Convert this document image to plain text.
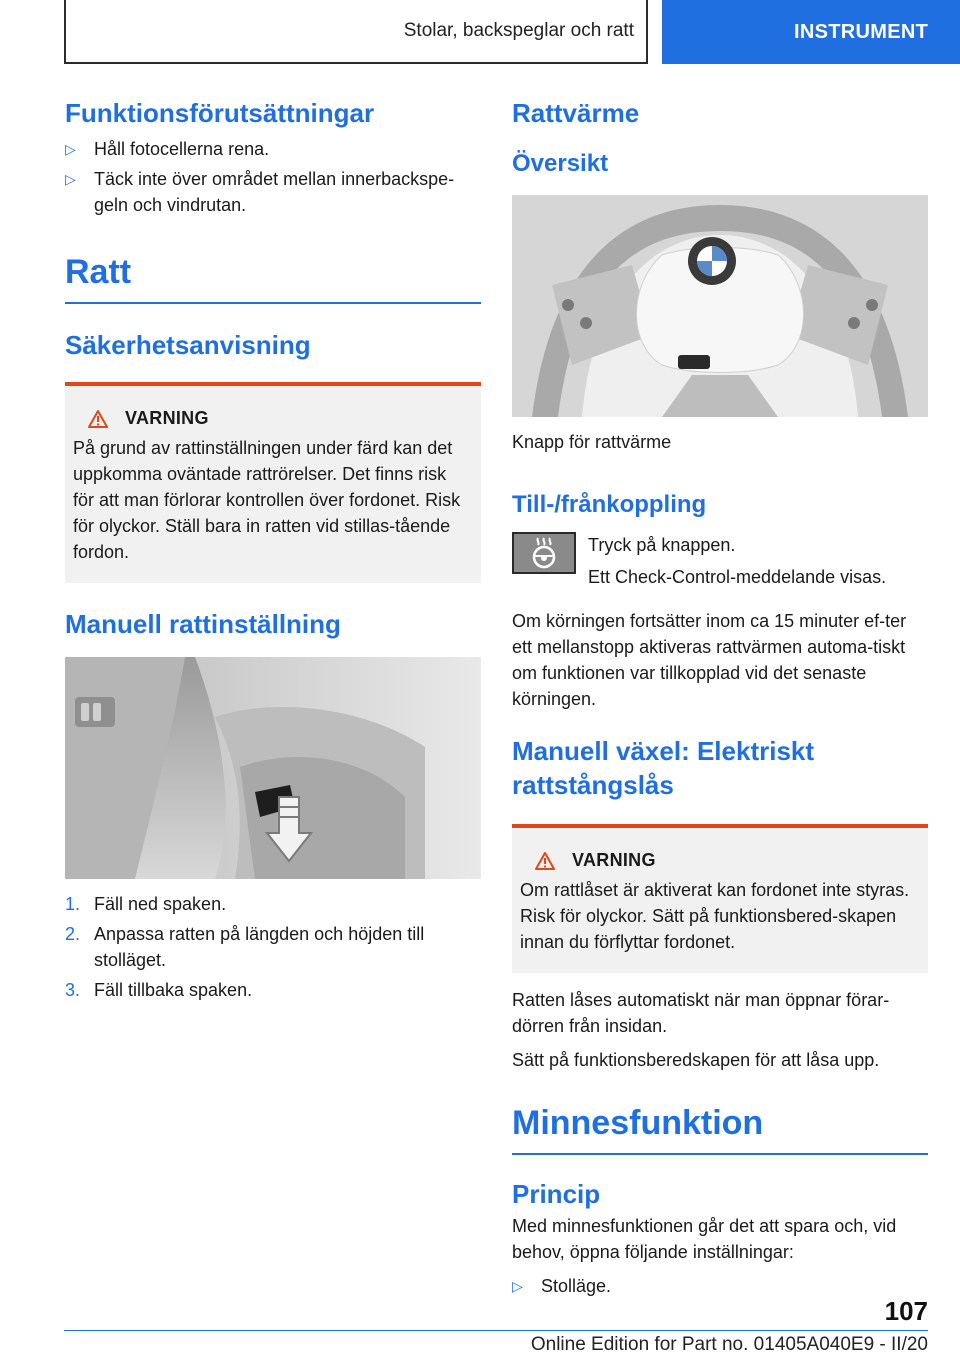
Stolar, backspeglar och ratt	INSTRUMENT
Funktionsförutsättningar
▷ Håll fotocellerna rena.
▷ Täck inte över området mellan innerbackspe-geln och vindrutan.
Ratt
Säkerhetsanvisning
VARNING

På grund av rattinställningen under färd kan det uppkomma oväntade rattrörelser. Det finns risk för att man förlorar kontrollen över fordonet. Risk för olyckor. Ställ bara in ratten vid stillas-tående fordon.

Manuell rattinställning
1. Fäll ned spaken.
2. Anpassa ratten på längden och höjden till stolläget.
3. Fäll tillbaka spaken.
Rattvärme
Översikt

Knapp för rattvärme

Till-/frånkoppling

Tryck på knappen.

Ett Check-Control-meddelande visas.

Om körningen fortsätter inom ca 15 minuter ef-ter ett mellanstopp aktiveras rattvärmen automa-tiskt om funktionen var tillkopplad vid det senaste körningen.

Manuell växel: Elektriskt rattstångslås
VARNING

Om rattlåset är aktiverat kan fordonet inte styras. Risk för olyckor. Sätt på funktionsbered-skapen innan du förflyttar fordonet.

Ratten låses automatiskt när man öppnar förar-dörren från insidan.

Sätt på funktionsberedskapen för att låsa upp.

Minnesfunktion
Princip

Med minnesfunktionen går det att spara och, vid behov, öppna följande inställningar:

▷ Stolläge.
107
Online Edition for Part no. 01405A040E9 - II/20
